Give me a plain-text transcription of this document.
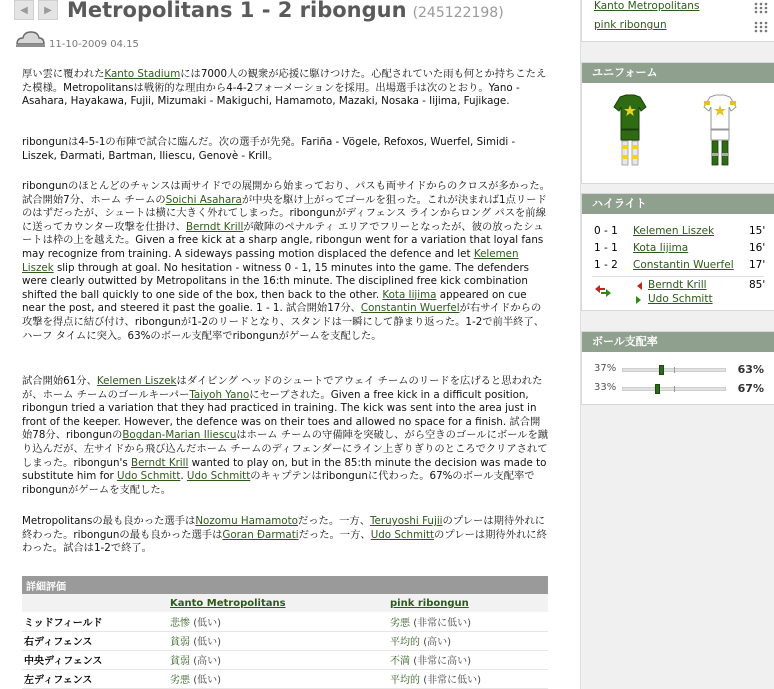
◀ ▶ Metropolitans 1 - 2 ribongun (245122198)
11-10-2009 04.15
厚い雲に覆われたKanto Stadiumには7000人の観衆が応援に駆けつけた。心配されていた雨も何とか持ちこたえた模様。Metropolitansは戦術的な理由から4-4-2フォーメーションを採用。出場選手は次のとおり。Yano - Asahara, Hayakawa, Fujii, Mizumaki - Makiguchi, Hamamoto, Mazaki, Nosaka - Iijima, Fujikage.
ribongunは4-5-1の布陣で試合に臨んだ。次の選手が先発。Fariña - Vögele, Refoxos, Wuerfel, Simidi - Liszek, Đarmati, Bartman, Iliescu, Genovè - Krill。
ribongunのほとんどのチャンスは両サイドでの展開から始まっており、パスも両サイドからのクロスが多かった。試合開始7分、ホーム チームのSoichi Asaharaが中央を駆け上がってゴールを狙った。これが決まれば1点リードのはずだったが、シュートは横に大きく外れてしまった。ribongunがディフェンス ラインからロング パスを前線に送ってカウンター攻撃を仕掛け、Berndt Krillが敵陣のペナルティ エリアでフリーとなったが、彼の放ったシュートは枠の上を越えた。Given a free kick at a sharp angle, ribongun went for a variation that loyal fans may recognize from training. A sideways passing motion displaced the defence and let Kelemen Liszek slip through at goal. No hesitation - witness 0 - 1, 15 minutes into the game. The defenders were clearly outwitted by Metropolitans in the 16:th minute. The disciplined free kick combination shifted the ball quickly to one side of the box, then back to the other. Kota Iijima appeared on cue near the post, and steered it past the goalie. 1 - 1. 試合開始17分、Constantin Wuerfelが右サイドからの攻撃を得点に結び付け、ribongunが1-2のリードとなり、スタンドは一瞬にして静まり返った。1-2で前半終了、ハーフ タイムに突入。63%のボール支配率でribongunがゲームを支配した。
試合開始61分、Kelemen Liszekはダイビング ヘッドのシュートでアウェイ チームのリードを広げると思われたが、ホーム チームのゴールキーパーTaiyoh Yanoにセーブされた。Given a free kick in a difficult position, ribongun tried a variation that they had practiced in training. The kick was sent into the area just in front of the keeper. However, the defence was on their toes and allowed no space for a finish. 試合開始78分、ribongunのBogdan-Marian Iliescuはホーム チームの守備陣を突破し、がら空きのゴールにボールを蹴り込んだが、左サイドから飛び込んだホーム チームのディフェンダーにライン上ぎりぎりのところでクリアされてしまった。ribongun's Berndt Krill wanted to play on, but in the 85:th minute the decision was made to substitute him for Udo Schmitt. Udo Schmittのキャプテンはribongunに代わった。67%のボール支配率でribongunがゲームを支配した。
Metropolitansの最も良かった選手はNozomu Hamamotoだった。一方、Teruyoshi Fujiiのプレーは期待外れに終わった。ribongunの最も良かった選手はGoran Đarmatiだった。一方、Udo Schmittのプレーは期待外れに終わった。試合は1-2で終了。
詳細評価		
	Kanto Metropolitans	pink ribongun
ミッドフィールド	悲惨 (低い)	劣悪 (非常に低い)
右ディフェンス	貧弱 (低い)	平均的 (高い)
中央ディフェンス	貧弱 (高い)	不満 (非常に高い)
左ディフェンス	劣悪 (低い)	平均的 (非常に低い)
Kanto Metropolitans
pink ribongun
ユニフォーム
ハイライト
0 - 1 Kelemen Liszek	15'
1 - 1 Kota Iijima	16'
1 - 2 Constantin Wuerfel 17'
Berndt Krill	85'
Udo Schmitt
ボール支配率
37%	63%
33%	67%
